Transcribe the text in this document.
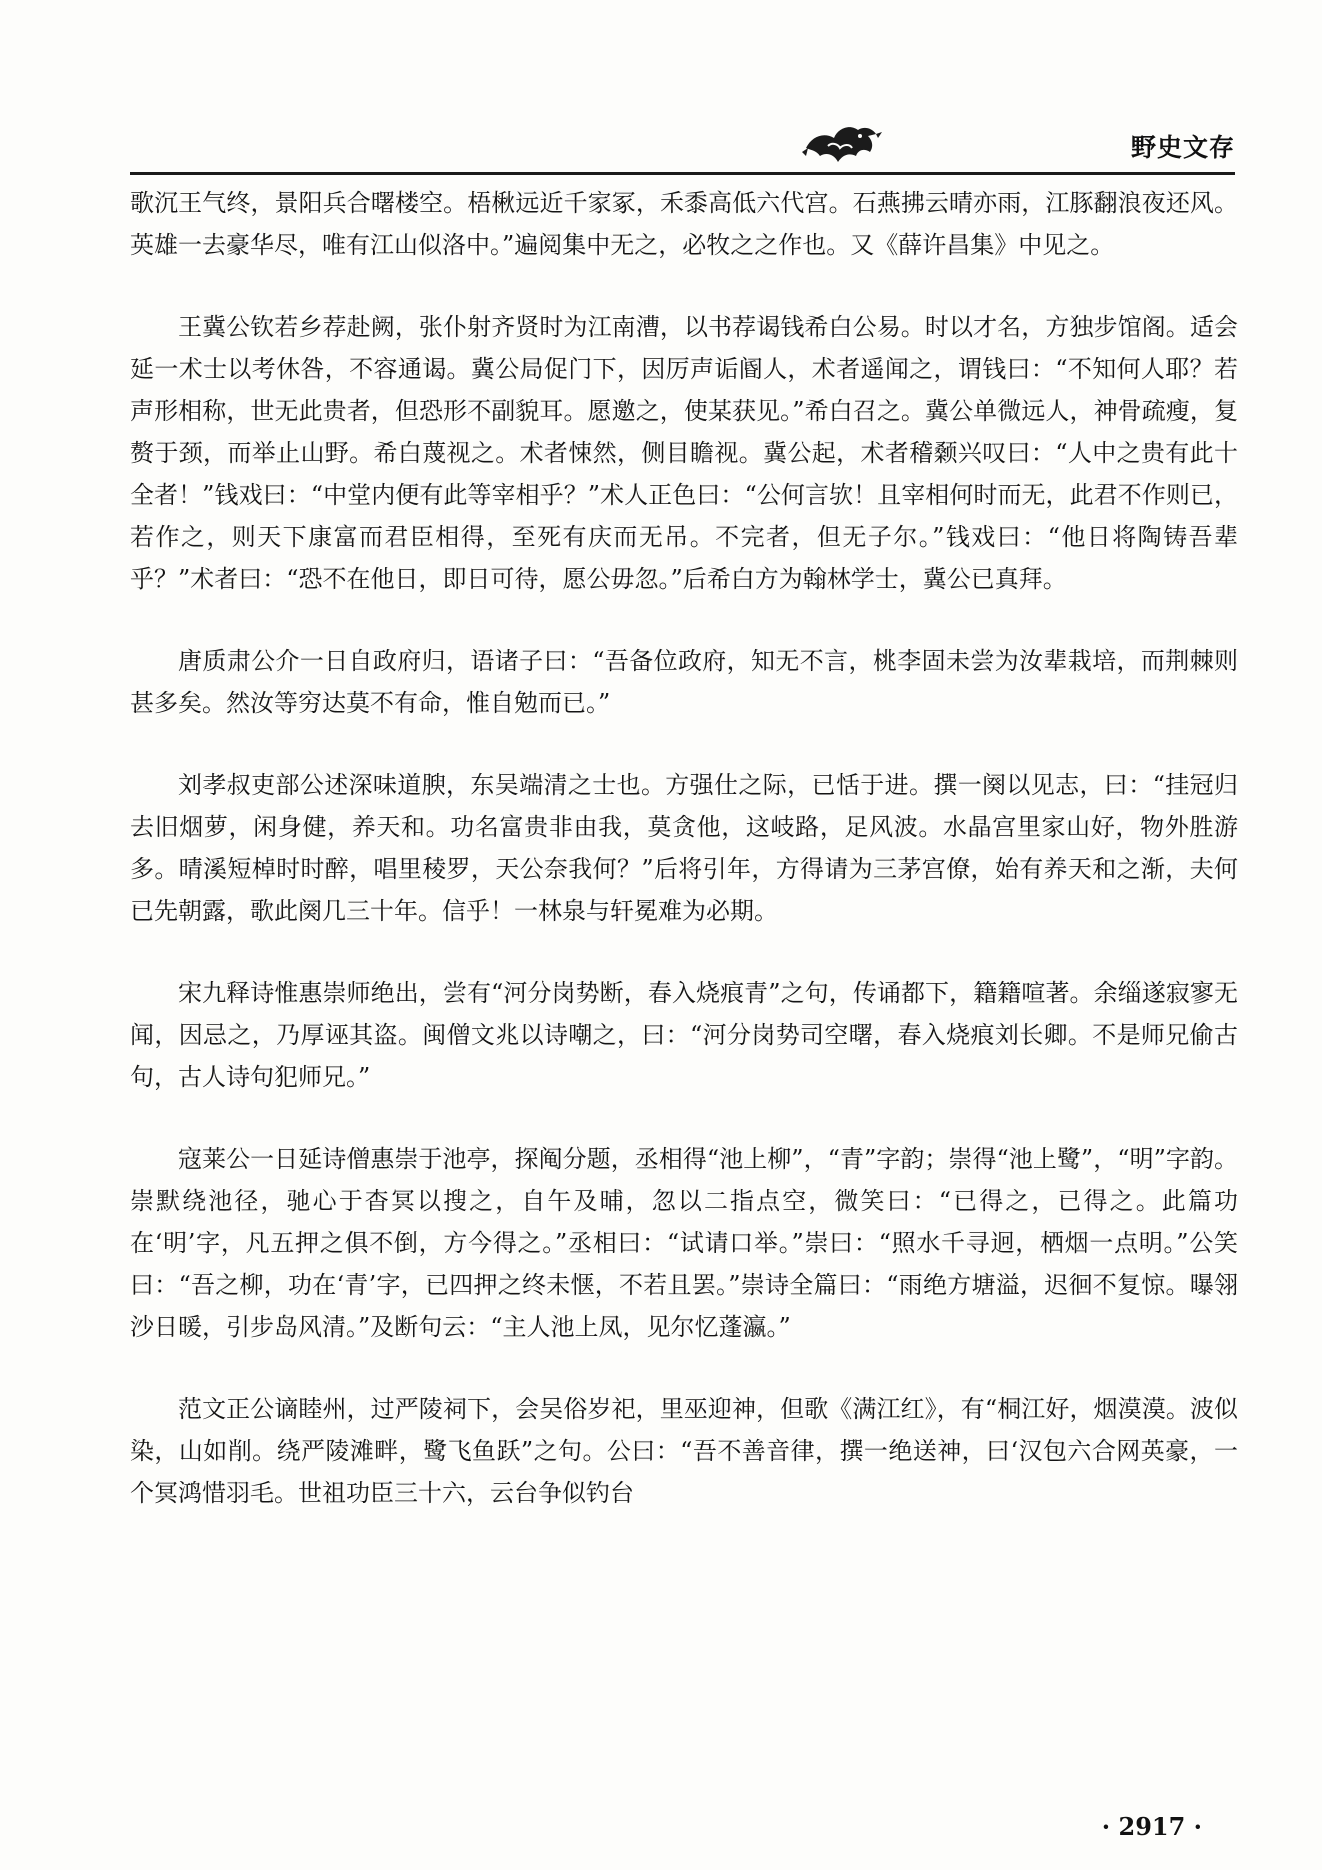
野史文存

歌沉王气终，景阳兵合曙楼空。梧楸远近千家冢，禾黍高低六代宫。石燕拂云晴亦雨，江豚翻浪夜还风。英雄一去豪华尽，唯有江山似洛中。”遍阅集中无之，必牧之之作也。又《薛许昌集》中见之。

王冀公钦若乡荐赴阙，张仆射齐贤时为江南漕，以书荐谒钱希白公易。时以才名，方独步馆阁。适会延一术士以考休咎，不容通谒。冀公局促门下，因厉声诟阍人，术者遥闻之，谓钱曰：“不知何人耶？若声形相称，世无此贵者，但恐形不副貌耳。愿邀之，使某获见。”希白召之。冀公单微远人，神骨疏瘦，复赘于颈，而举止山野。希白蔑视之。术者悚然，侧目瞻视。冀公起，术者稽颡兴叹曰：“人中之贵有此十全者！”钱戏曰：“中堂内便有此等宰相乎？”术人正色曰：“公何言欤！且宰相何时而无，此君不作则已，若作之，则天下康富而君臣相得，至死有庆而无吊。不完者，但无子尔。”钱戏曰：“他日将陶铸吾辈乎？”术者曰：“恐不在他日，即日可待，愿公毋忽。”后希白方为翰林学士，冀公已真拜。

唐质肃公介一日自政府归，语诸子曰：“吾备位政府，知无不言，桃李固未尝为汝辈栽培，而荆棘则甚多矣。然汝等穷达莫不有命，惟自勉而已。”

刘孝叔吏部公述深味道腴，东吴端清之士也。方强仕之际，已恬于进。撰一阕以见志，曰：“挂冠归去旧烟萝，闲身健，养天和。功名富贵非由我，莫贪他，这岐路，足风波。水晶宫里家山好，物外胜游多。晴溪短棹时时醉，唱里稜罗，天公奈我何？”后将引年，方得请为三茅宫僚，始有养天和之渐，夫何已先朝露，歌此阕几三十年。信乎！一林泉与轩冕难为必期。

宋九释诗惟惠崇师绝出，尝有“河分岗势断，春入烧痕青”之句，传诵都下，籍籍喧著。余缁遂寂寥无闻，因忌之，乃厚诬其盗。闽僧文兆以诗嘲之，曰：“河分岗势司空曙，春入烧痕刘长卿。不是师兄偷古句，古人诗句犯师兄。”

寇莱公一日延诗僧惠崇于池亭，探阄分题，丞相得“池上柳”，“青”字韵；崇得“池上鹭”，“明”字韵。崇默绕池径，驰心于杳冥以搜之，自午及晡，忽以二指点空，微笑曰：“已得之，已得之。此篇功在‘明’字，凡五押之俱不倒，方今得之。”丞相曰：“试请口举。”崇曰：“照水千寻迥，栖烟一点明。”公笑曰：“吾之柳，功在‘青’字，已四押之终未惬，不若且罢。”崇诗全篇曰：“雨绝方塘溢，迟徊不复惊。曝翎沙日暖，引步岛风清。”及断句云：“主人池上凤，见尔忆蓬瀛。”

范文正公谪睦州，过严陵祠下，会吴俗岁祀，里巫迎神，但歌《满江红》，有“桐江好，烟漠漠。波似染，山如削。绕严陵滩畔，鹭飞鱼跃”之句。公曰：“吾不善音律，撰一绝送神，曰‘汉包六合网英豪，一个冥鸿惜羽毛。世祖功臣三十六，云台争似钓台

· 2917 ·
